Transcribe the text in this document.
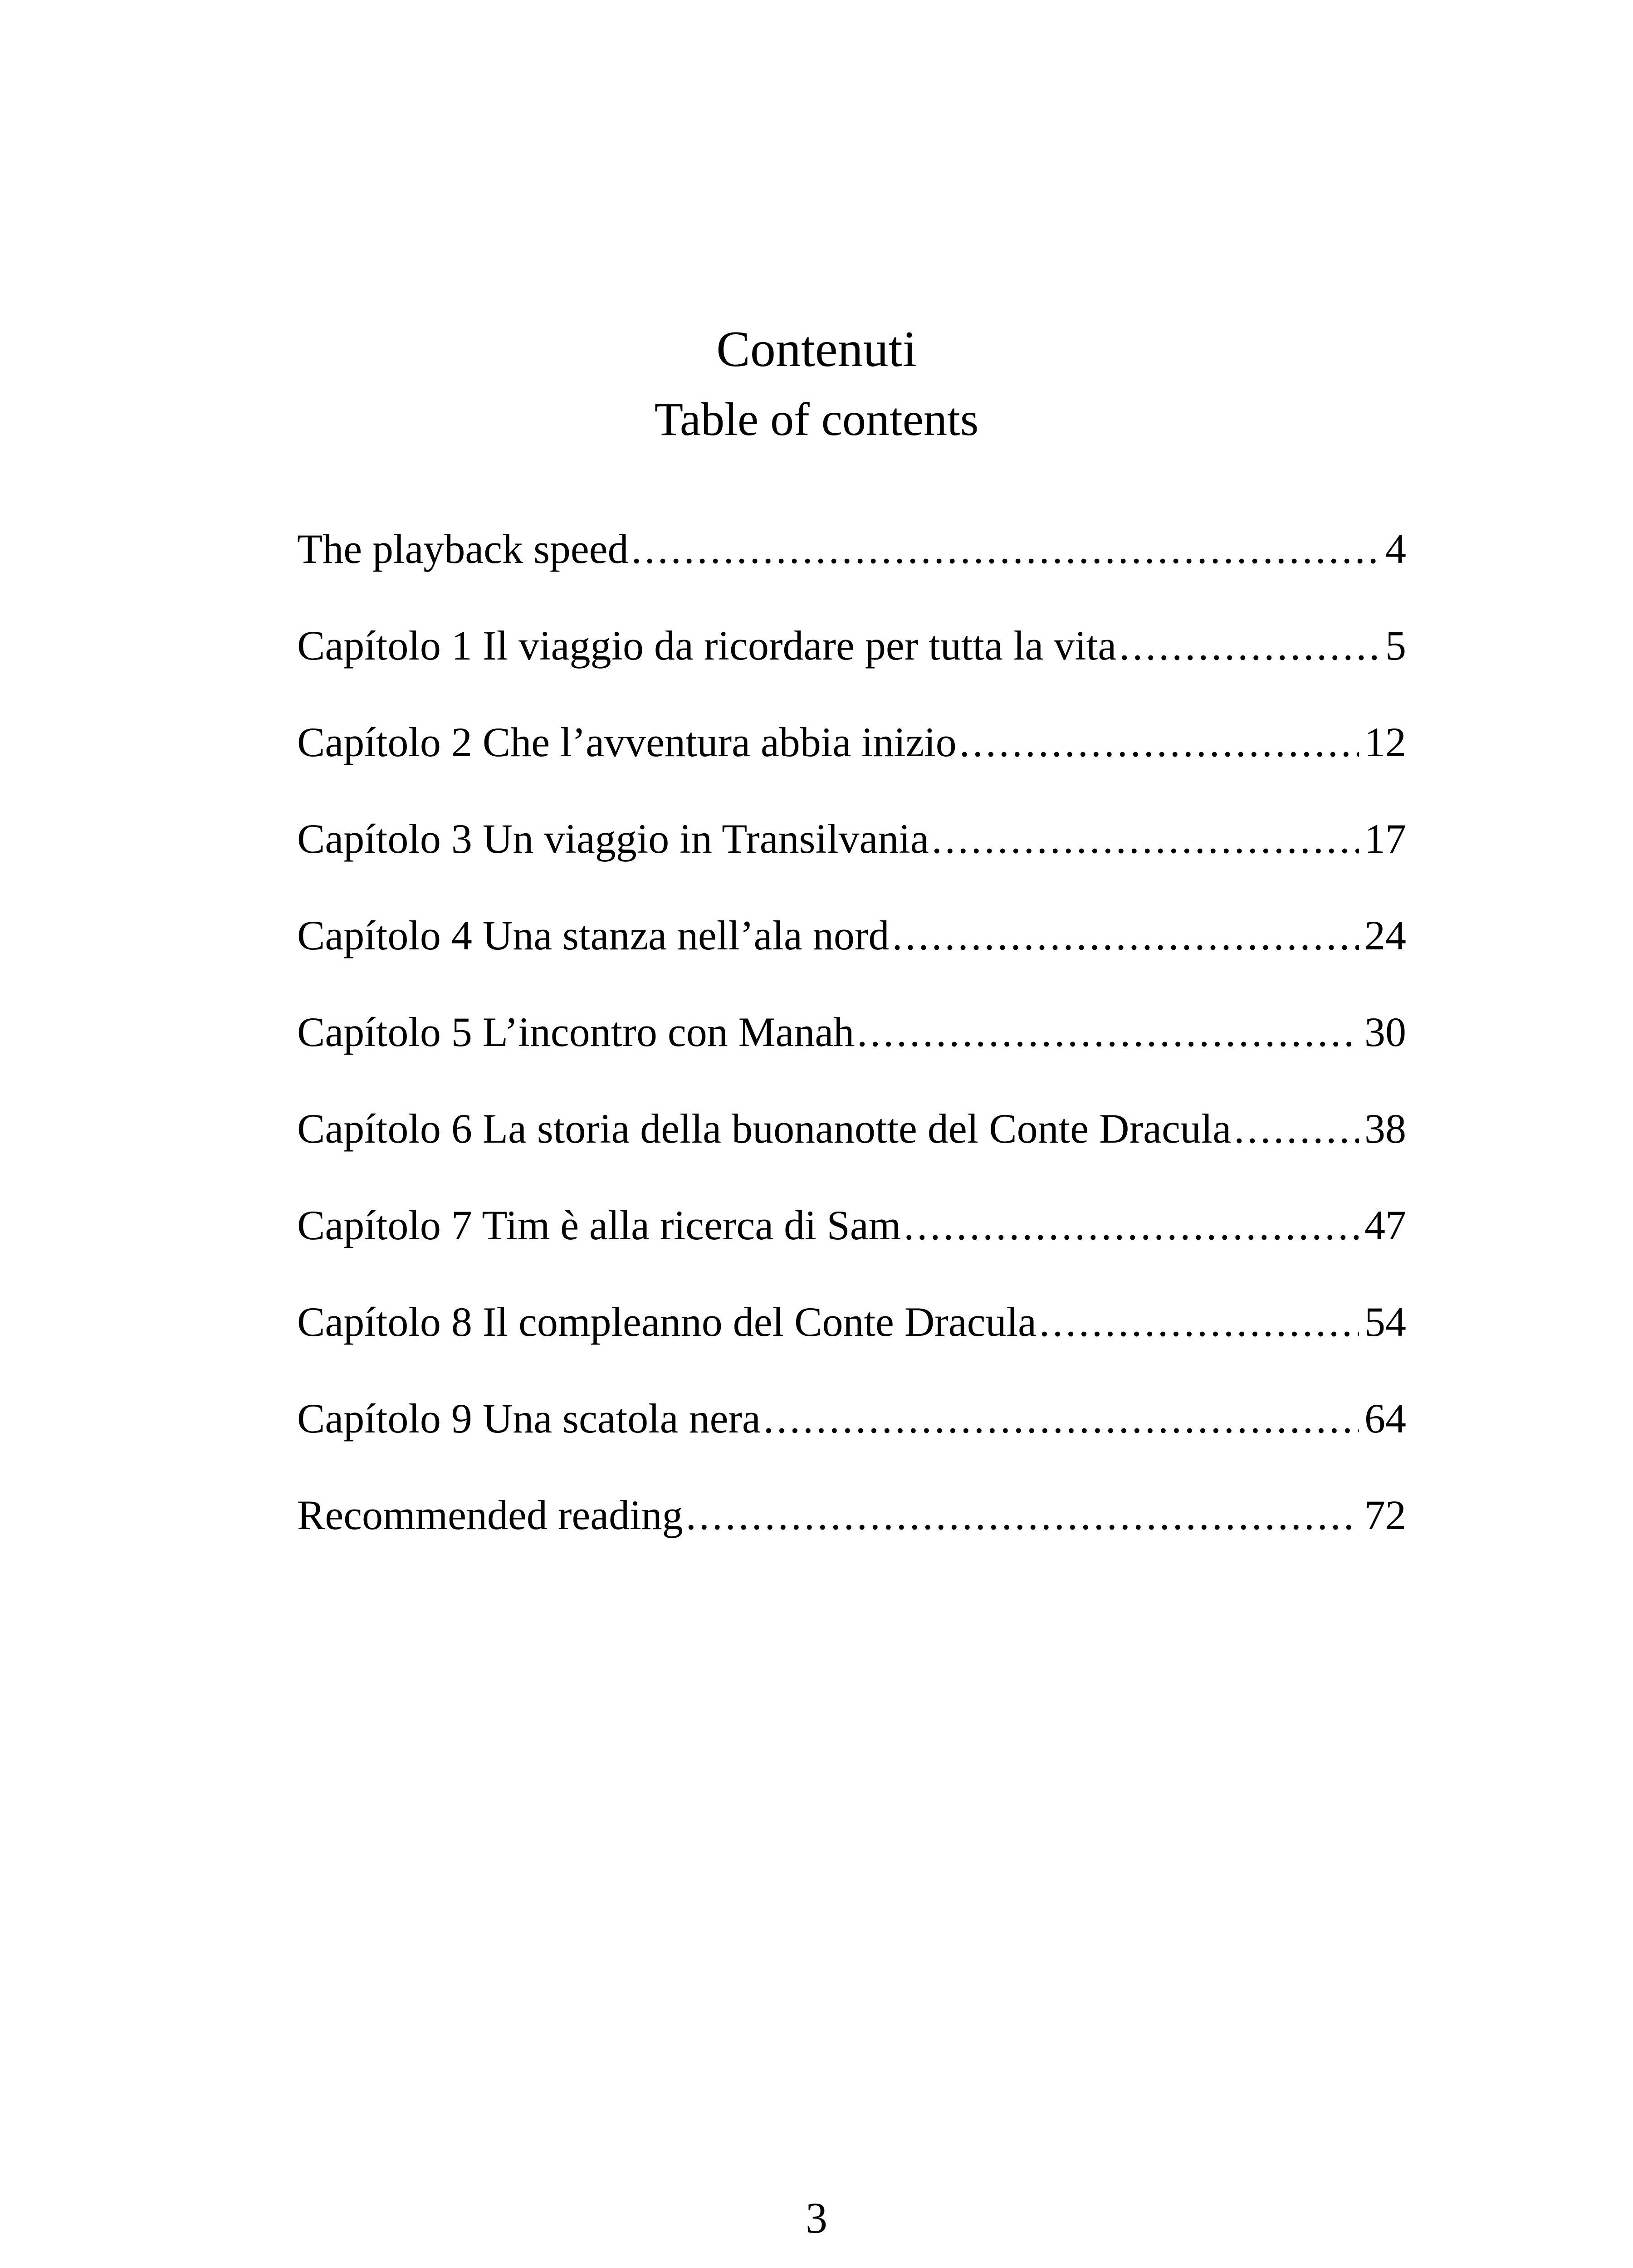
Contenuti
Table of contents
The playback speed .....	4
Capítolo 1 Il viaggio da ricordare per tutta la vita .....	5
Capítolo 2 Che l’avventura abbia inizio .....	12
Capítolo 3 Un viaggio in Transilvania .....	17
Capítolo 4 Una stanza nell’ala nord .....	24
Capítolo 5 L’incontro con Manah .....	30
Capítolo 6 La storia della buonanotte del Conte Dracula .....	38
Capítolo 7 Tim è alla ricerca di Sam .....	47
Capítolo 8 Il compleanno del Conte Dracula .....	54
Capítolo 9 Una scatola nera .....	64
Recommended reading .....	72
3
